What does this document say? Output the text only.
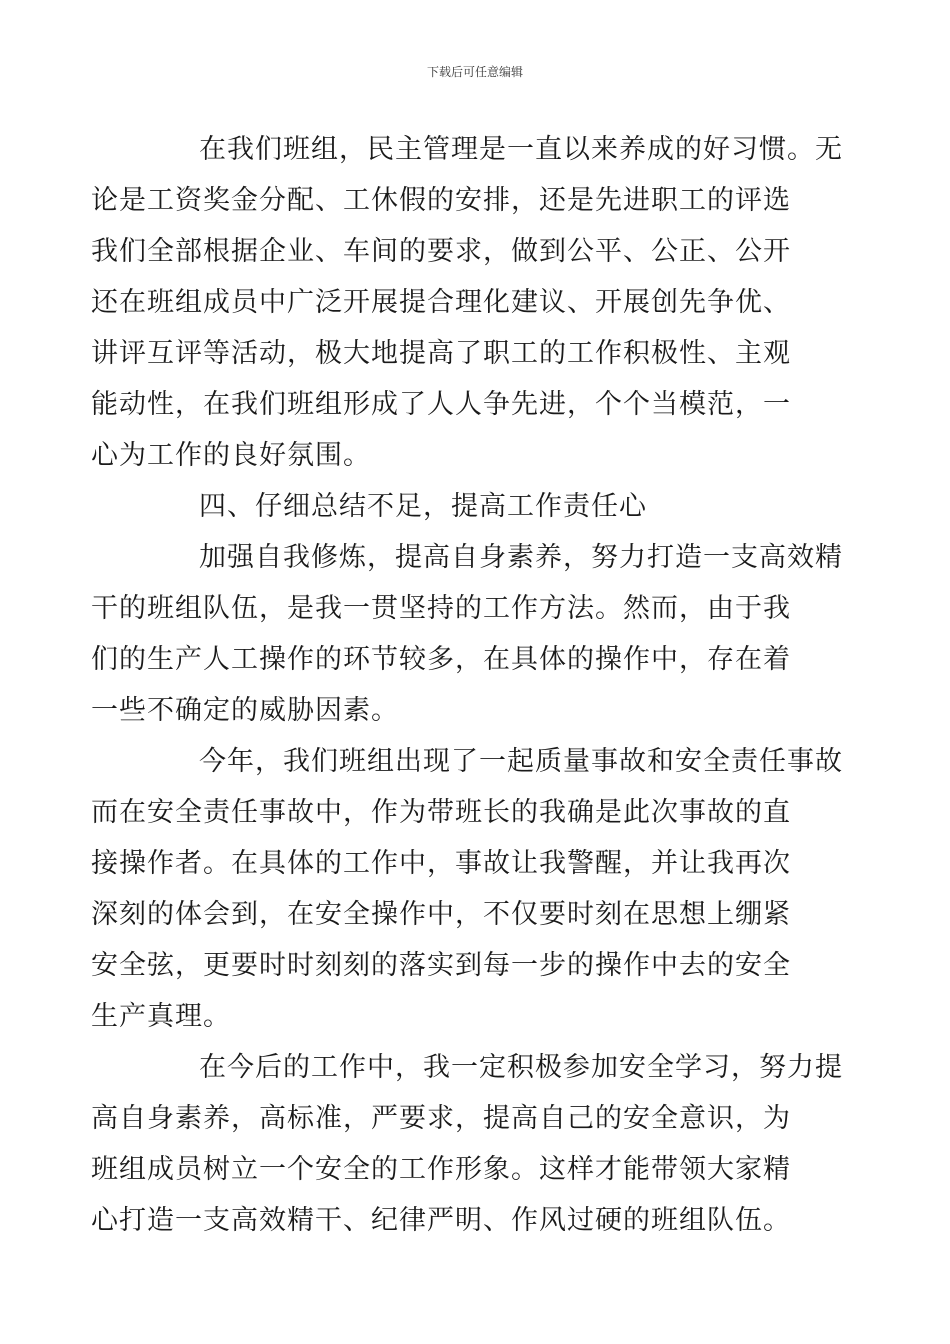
下载后可任意编辑

在我们班组，民主管理是一直以来养成的好习惯。无
论是工资奖金分配、工休假的安排，还是先进职工的评选
我们全部根据企业、车间的要求，做到公平、公正、公开
还在班组成员中广泛开展提合理化建议、开展创先争优、
讲评互评等活动，极大地提高了职工的工作积极性、主观
能动性，在我们班组形成了人人争先进，个个当模范，一
心为工作的良好氛围。

四、仔细总结不足，提高工作责任心

加强自我修炼，提高自身素养，努力打造一支高效精
干的班组队伍，是我一贯坚持的工作方法。然而，由于我
们的生产人工操作的环节较多，在具体的操作中，存在着
一些不确定的威胁因素。

今年，我们班组出现了一起质量事故和安全责任事故
而在安全责任事故中，作为带班长的我确是此次事故的直
接操作者。在具体的工作中，事故让我警醒，并让我再次
深刻的体会到，在安全操作中，不仅要时刻在思想上绷紧
安全弦，更要时时刻刻的落实到每一步的操作中去的安全
生产真理。

在今后的工作中，我一定积极参加安全学习，努力提
高自身素养，高标准，严要求，提高自己的安全意识，为
班组成员树立一个安全的工作形象。这样才能带领大家精
心打造一支高效精干、纪律严明、作风过硬的班组队伍。
